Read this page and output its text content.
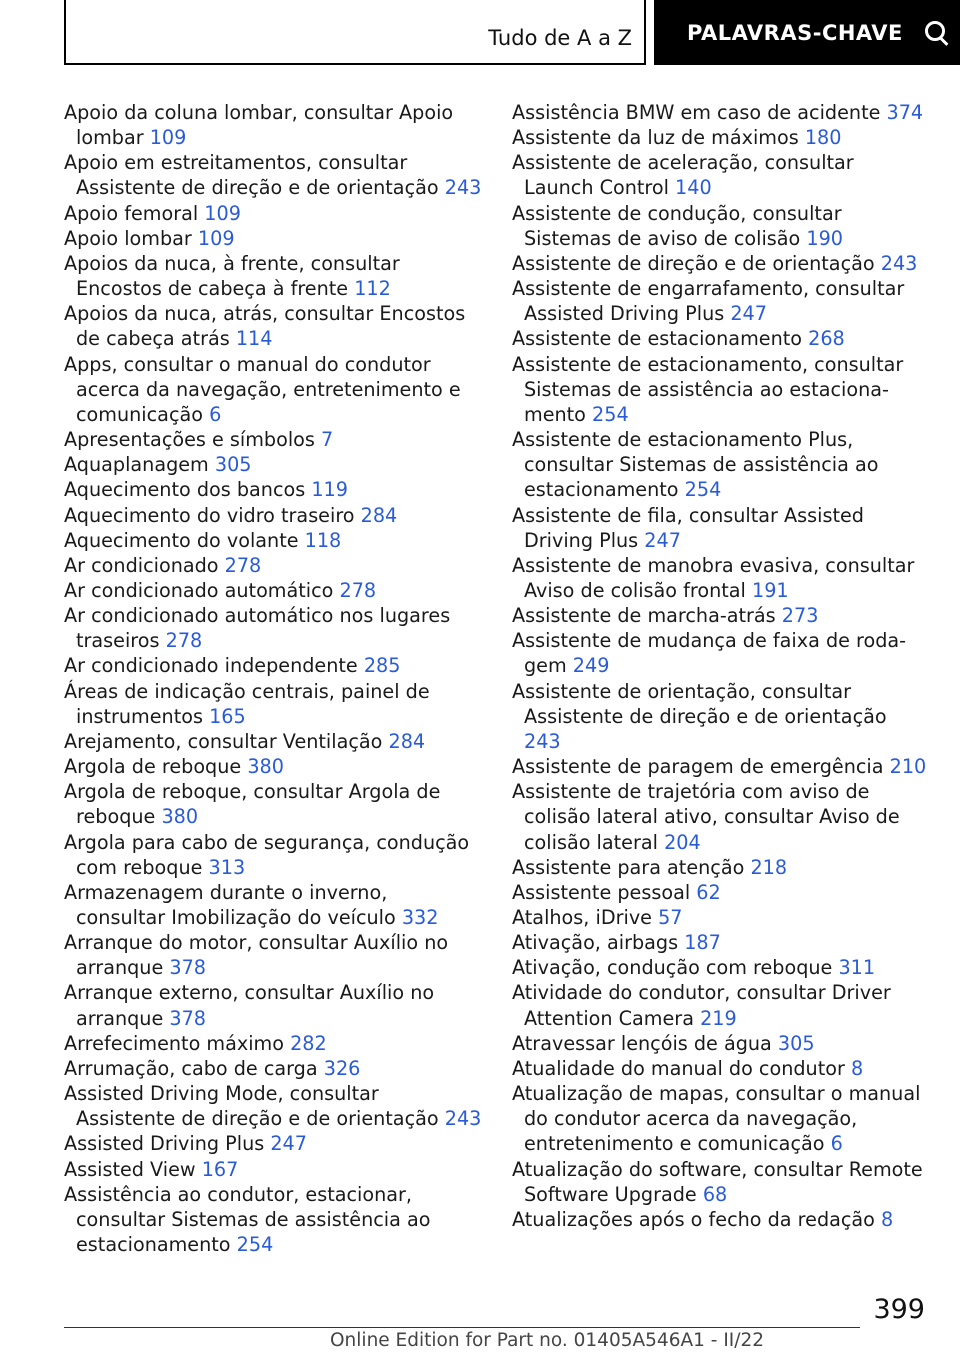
Tudo de A a Z	PALAVRAS-CHAVE
Apoio da coluna lombar, consultar Apoio lombar 109
Apoio em estreitamentos, consultar Assistente de direção e de orientação 243
Apoio femoral 109
Apoio lombar 109
Apoios da nuca, à frente, consultar Encostos de cabeça à frente 112
Apoios da nuca, atrás, consultar Encostos de cabeça atrás 114
Apps, consultar o manual do condutor acerca da navegação, entretenimento e comunicação 6
Apresentações e símbolos 7
Aquaplanagem 305
Aquecimento dos bancos 119
Aquecimento do vidro traseiro 284
Aquecimento do volante 118
Ar condicionado 278
Ar condicionado automático 278
Ar condicionado automático nos lugares traseiros 278
Ar condicionado independente 285
Áreas de indicação centrais, painel de instrumentos 165
Arejamento, consultar Ventilação 284
Argola de reboque 380
Argola de reboque, consultar Argola de reboque 380
Argola para cabo de segurança, condução com reboque 313
Armazenagem durante o inverno, consultar Imobilização do veículo 332
Arranque do motor, consultar Auxílio no arranque 378
Arranque externo, consultar Auxílio no arranque 378
Arrefecimento máximo 282
Arrumação, cabo de carga 326
Assisted Driving Mode, consultar Assistente de direção e de orientação 243
Assisted Driving Plus 247
Assisted View 167
Assistência ao condutor, estacionar, consultar Sistemas de assistência ao estacionamento 254
Assistência BMW em caso de acidente 374
Assistente da luz de máximos 180
Assistente de aceleração, consultar Launch Control 140
Assistente de condução, consultar Sistemas de aviso de colisão 190
Assistente de direção e de orientação 243
Assistente de engarrafamento, consultar Assisted Driving Plus 247
Assistente de estacionamento 268
Assistente de estacionamento, consultar Sistemas de assistência ao estacionamento 254
Assistente de estacionamento Plus, consultar Sistemas de assistência ao estacionamento 254
Assistente de fila, consultar Assisted Driving Plus 247
Assistente de manobra evasiva, consultar Aviso de colisão frontal 191
Assistente de marcha-atrás 273
Assistente de mudança de faixa de rodagem 249
Assistente de orientação, consultar Assistente de direção e de orientação 243
Assistente de paragem de emergência 210
Assistente de trajetória com aviso de colisão lateral ativo, consultar Aviso de colisão lateral 204
Assistente para atenção 218
Assistente pessoal 62
Atalhos, iDrive 57
Ativação, airbags 187
Ativação, condução com reboque 311
Atividade do condutor, consultar Driver Attention Camera 219
Atravessar lençóis de água 305
Atualidade do manual do condutor 8
Atualização de mapas, consultar o manual do condutor acerca da navegação, entretenimento e comunicação 6
Atualização do software, consultar Remote Software Upgrade 68
Atualizações após o fecho da redação 8
399
Online Edition for Part no. 01405A546A1 - II/22
